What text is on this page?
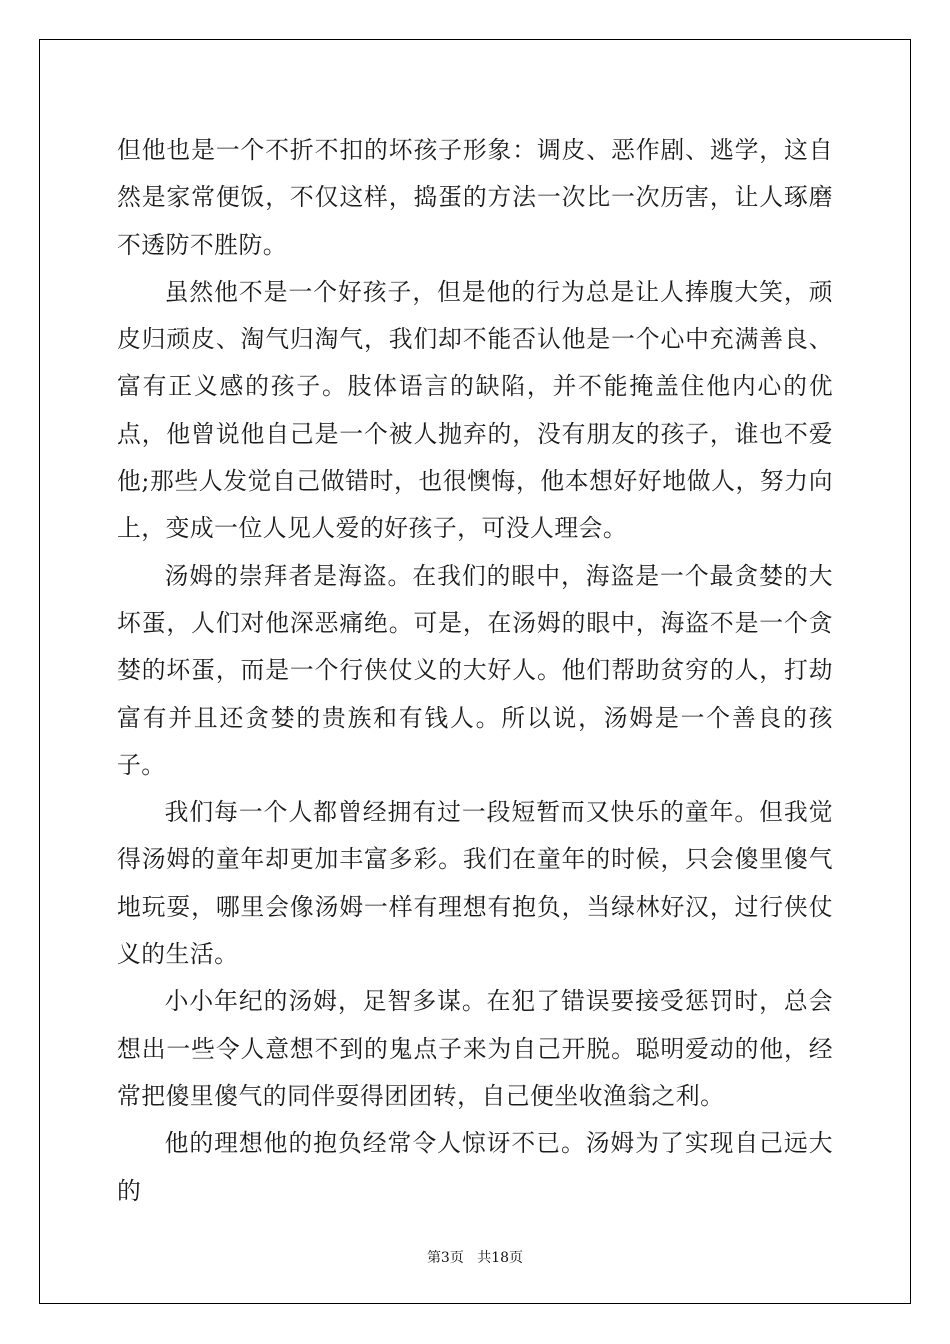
但他也是一个不折不扣的坏孩子形象：调皮、恶作剧、逃学，这自然是家常便饭，不仅这样，捣蛋的方法一次比一次历害，让人琢磨不透防不胜防。

虽然他不是一个好孩子，但是他的行为总是让人捧腹大笑，顽皮归顽皮、淘气归淘气，我们却不能否认他是一个心中充满善良、富有正义感的孩子。肢体语言的缺陷，并不能掩盖住他内心的优点，他曾说他自己是一个被人抛弃的，没有朋友的孩子，谁也不爱他;那些人发觉自己做错时，也很懊悔，他本想好好地做人，努力向上，变成一位人见人爱的好孩子，可没人理会。

汤姆的崇拜者是海盗。在我们的眼中，海盗是一个最贪婪的大坏蛋，人们对他深恶痛绝。可是，在汤姆的眼中，海盗不是一个贪婪的坏蛋，而是一个行侠仗义的大好人。他们帮助贫穷的人，打劫富有并且还贪婪的贵族和有钱人。所以说，汤姆是一个善良的孩子。

我们每一个人都曾经拥有过一段短暂而又快乐的童年。但我觉得汤姆的童年却更加丰富多彩。我们在童年的时候，只会傻里傻气地玩耍，哪里会像汤姆一样有理想有抱负，当绿林好汉，过行侠仗义的生活。

小小年纪的汤姆，足智多谋。在犯了错误要接受惩罚时，总会想出一些令人意想不到的鬼点子来为自己开脱。聪明爱动的他，经常把傻里傻气的同伴耍得团团转，自己便坐收渔翁之利。

他的理想他的抱负经常令人惊讶不已。汤姆为了实现自己远大的

第3页 共18页
